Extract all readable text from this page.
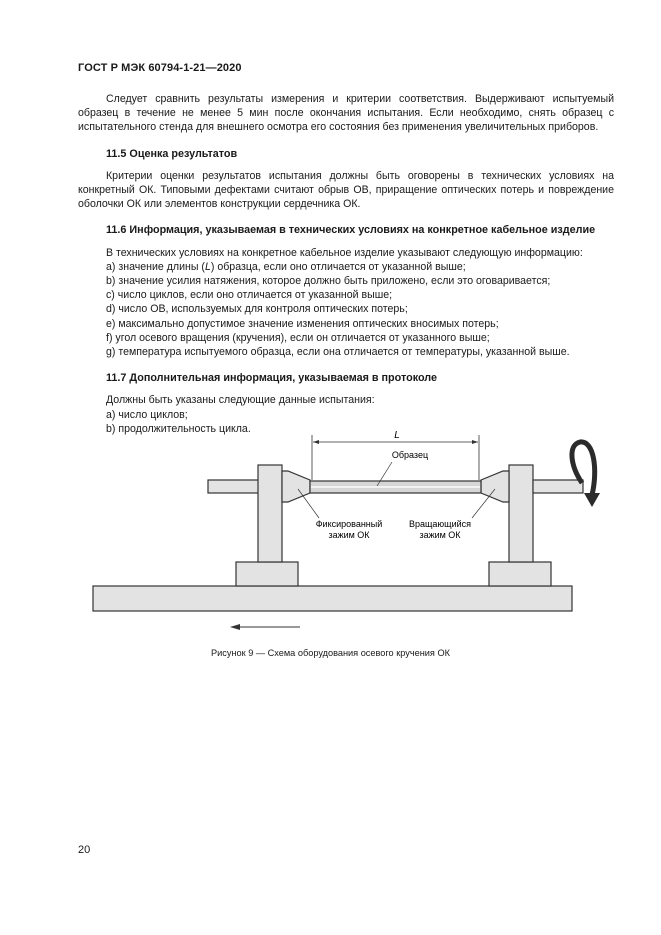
ГОСТ Р МЭК 60794-1-21—2020

Следует сравнить результаты измерения и критерии соответствия. Выдерживают испытуемый образец в течение не менее 5 мин после окончания испытания. Если необходимо, снять образец с испытательного стенда для внешнего осмотра его состояния без применения увеличительных приборов.

11.5 Оценка результатов

Критерии оценки результатов испытания должны быть оговорены в технических условиях на конкретный ОК. Типовыми дефектами считают обрыв ОВ, приращение оптических потерь и повреждение оболочки ОК или элементов конструкции сердечника ОК.

11.6 Информация, указываемая в технических условиях на конкретное кабельное изделие

В технических условиях на конкретное кабельное изделие указывают следующую информацию:

a) значение длины (L) образца, если оно отличается от указанной выше;
b) значение усилия натяжения, которое должно быть приложено, если это оговаривается;
c) число циклов, если оно отличается от указанной выше;
d) число ОВ, используемых для контроля оптических потерь;
e) максимально допустимое значение изменения оптических вносимых потерь;
f) угол осевого вращения (кручения), если он отличается от указанного выше;
g) температура испытуемого образца, если она отличается от температуры, указанной выше.
11.7 Дополнительная информация, указываемая в протоколе

Должны быть указаны следующие данные испытания:

a) число циклов;
b) продолжительность цикла.
L
Образец
Фиксированный
зажим ОК
Вращающийся
зажим ОК
Рисунок 9 — Схема оборудования осевого кручения ОК
20
